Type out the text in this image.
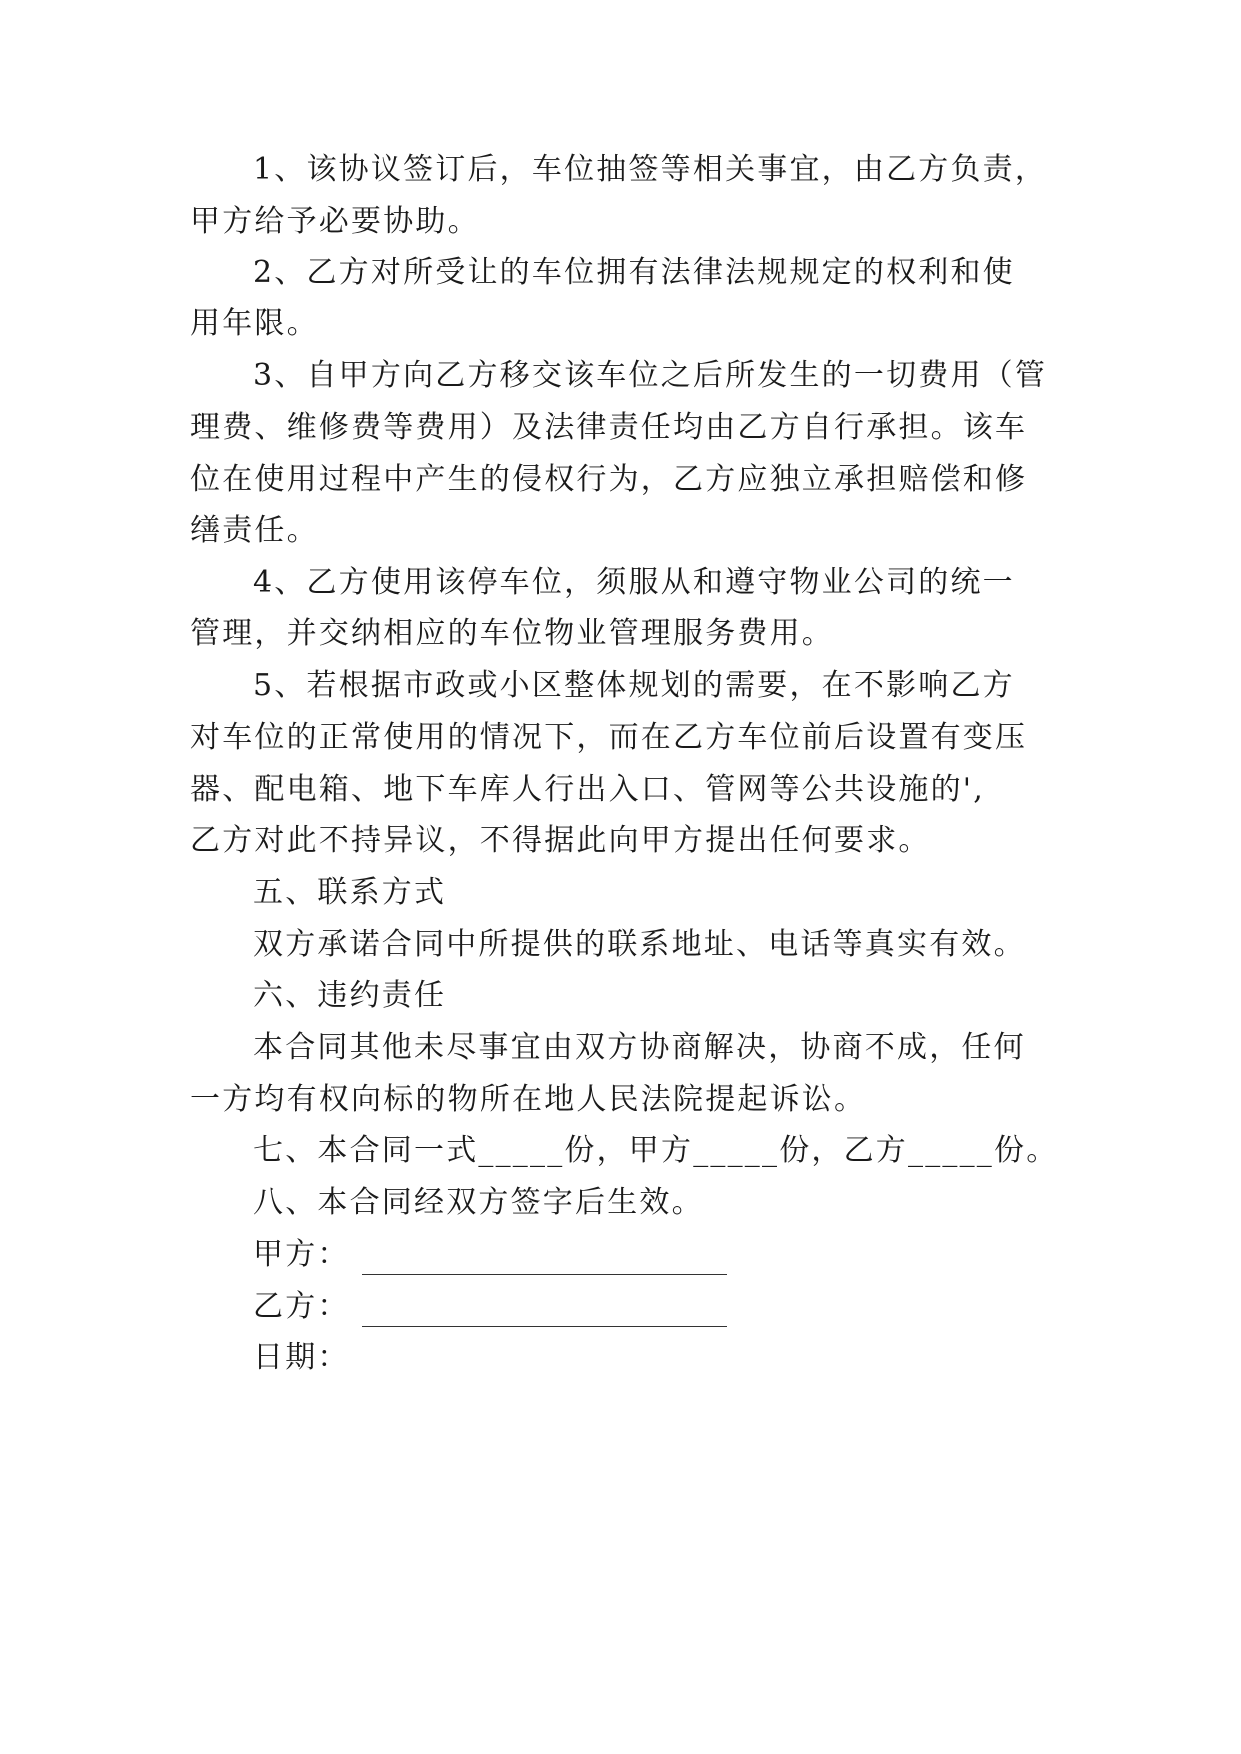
1、该协议签订后，车位抽签等相关事宜，由乙方负责，

甲方给予必要协助。

2、乙方对所受让的车位拥有法律法规规定的权利和使

用年限。

3、自甲方向乙方移交该车位之后所发生的一切费用（管

理费、维修费等费用）及法律责任均由乙方自行承担。该车

位在使用过程中产生的侵权行为，乙方应独立承担赔偿和修

缮责任。

4、乙方使用该停车位，须服从和遵守物业公司的统一

管理，并交纳相应的车位物业管理服务费用。

5、若根据市政或小区整体规划的需要，在不影响乙方

对车位的正常使用的情况下，而在乙方车位前后设置有变压

器、配电箱、地下车库人行出入口、管网等公共设施的',

乙方对此不持异议，不得据此向甲方提出任何要求。

五、联系方式

双方承诺合同中所提供的联系地址、电话等真实有效。

六、违约责任

本合同其他未尽事宜由双方协商解决，协商不成，任何

一方均有权向标的物所在地人民法院提起诉讼。

七、本合同一式_____份，甲方_____份，乙方_____份。

八、本合同经双方签字后生效。

甲方：
乙方：
日期：
